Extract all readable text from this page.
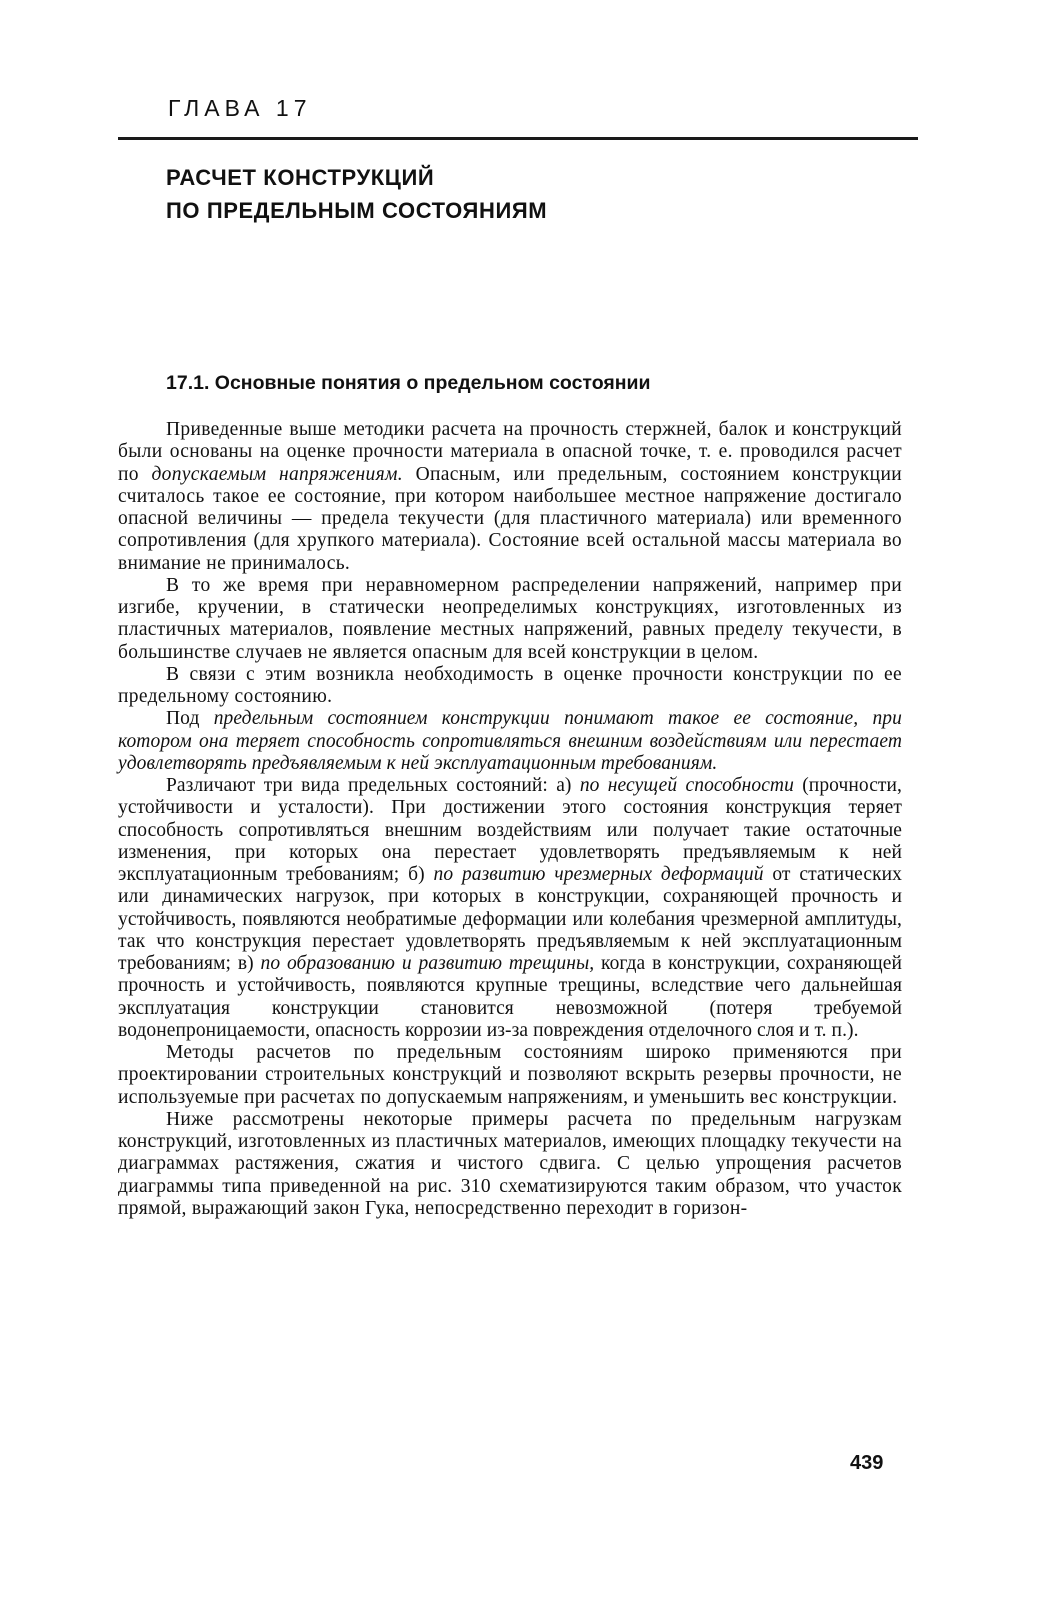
ГЛАВА 17
РАСЧЕТ КОНСТРУКЦИЙ
ПО ПРЕДЕЛЬНЫМ СОСТОЯНИЯМ
17.1. Основные понятия о предельном состоянии

Приведенные выше методики расчета на прочность стержней, балок и конструкций были основаны на оценке прочности материала в опасной точке, т. е. проводился расчет по допускаемым напряжениям. Опасным, или предельным, состоянием конструкции считалось такое ее состояние, при котором наибольшее местное напряжение достигало опасной величины — предела текучести (для пластичного материала) или временного сопротивления (для хрупкого материала). Состояние всей остальной массы материала во внимание не принималось.

В то же время при неравномерном распределении напряжений, например при изгибе, кручении, в статически неопределимых конструкциях, изготовленных из пластичных материалов, появление местных напряжений, равных пределу текучести, в большинстве случаев не является опасным для всей конструкции в целом.

В связи с этим возникла необходимость в оценке прочности конструкции по ее предельному состоянию.

Под предельным состоянием конструкции понимают такое ее состояние, при котором она теряет способность сопротивляться внешним воздействиям или перестает удовлетворять предъявляемым к ней эксплуатационным требованиям.

Различают три вида предельных состояний: а) по несущей способности (прочности, устойчивости и усталости). При достижении этого состояния конструкция теряет способность сопротивляться внешним воздействиям или получает такие остаточные изменения, при которых она перестает удовлетворять предъявляемым к ней эксплуатационным требованиям; б) по развитию чрезмерных деформаций от статических или динамических нагрузок, при которых в конструкции, сохраняющей прочность и устойчивость, появляются необратимые деформации или колебания чрезмерной амплитуды, так что конструкция перестает удовлетворять предъявляемым к ней эксплуатационным требованиям; в) по образованию и развитию трещины, когда в конструкции, сохраняющей прочность и устойчивость, появляются крупные трещины, вследствие чего дальнейшая эксплуатация конструкции становится невозможной (потеря требуемой водонепроницаемости, опасность коррозии из-за повреждения отделочного слоя и т. п.).

Методы расчетов по предельным состояниям широко применяются при проектировании строительных конструкций и позволяют вскрыть резервы прочности, не используемые при расчетах по допускаемым напряжениям, и уменьшить вес конструкции.

Ниже рассмотрены некоторые примеры расчета по предельным нагрузкам конструкций, изготовленных из пластичных материалов, имеющих площадку текучести на диаграммах растяжения, сжатия и чистого сдвига. С целью упрощения расчетов диаграммы типа приведенной на рис. 310 схематизируются таким образом, что участок прямой, выражающий закон Гука, непосредственно переходит в горизон-

439
